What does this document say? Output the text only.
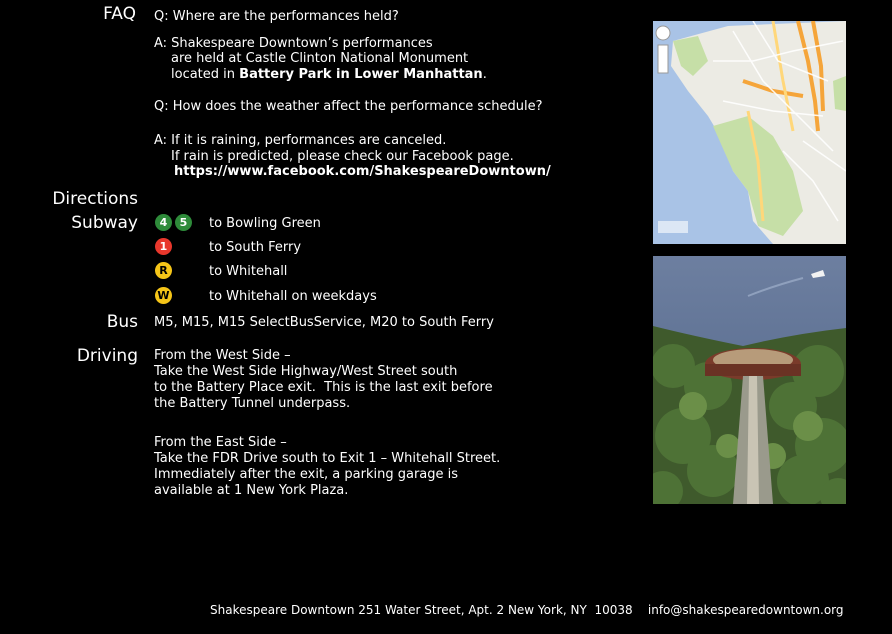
FAQ Q: Where are the performances held?
A: Shakespeare Downtown’s performances
are held at Castle Clinton National Monument
located in Battery Park in Lower Manhattan.
Q: How does the weather affect the performance schedule?
A: If it is raining, performances are canceled.
If rain is predicted, please check our Facebook page.
https://www.facebook.com/ShakespeareDowntown/
Directions
Subway	4	5	to Bowling Green
1	to South Ferry
R	to Whitehall
W	to Whitehall on weekdays
Bus M5, M15, M15 SelectBusService, M20 to South Ferry
Driving From the West Side –
Take the West Side Highway/West Street south
to the Battery Place exit.  This is the last exit before
the Battery Tunnel underpass.
From the East Side –
Take the FDR Drive south to Exit 1 – Whitehall Street.
Immediately after the exit, a parking garage is
available at 1 New York Plaza.
Shakespeare Downtown 251 Water Street, Apt. 2 New York, NY  10038    info@shakespearedowntown.org
